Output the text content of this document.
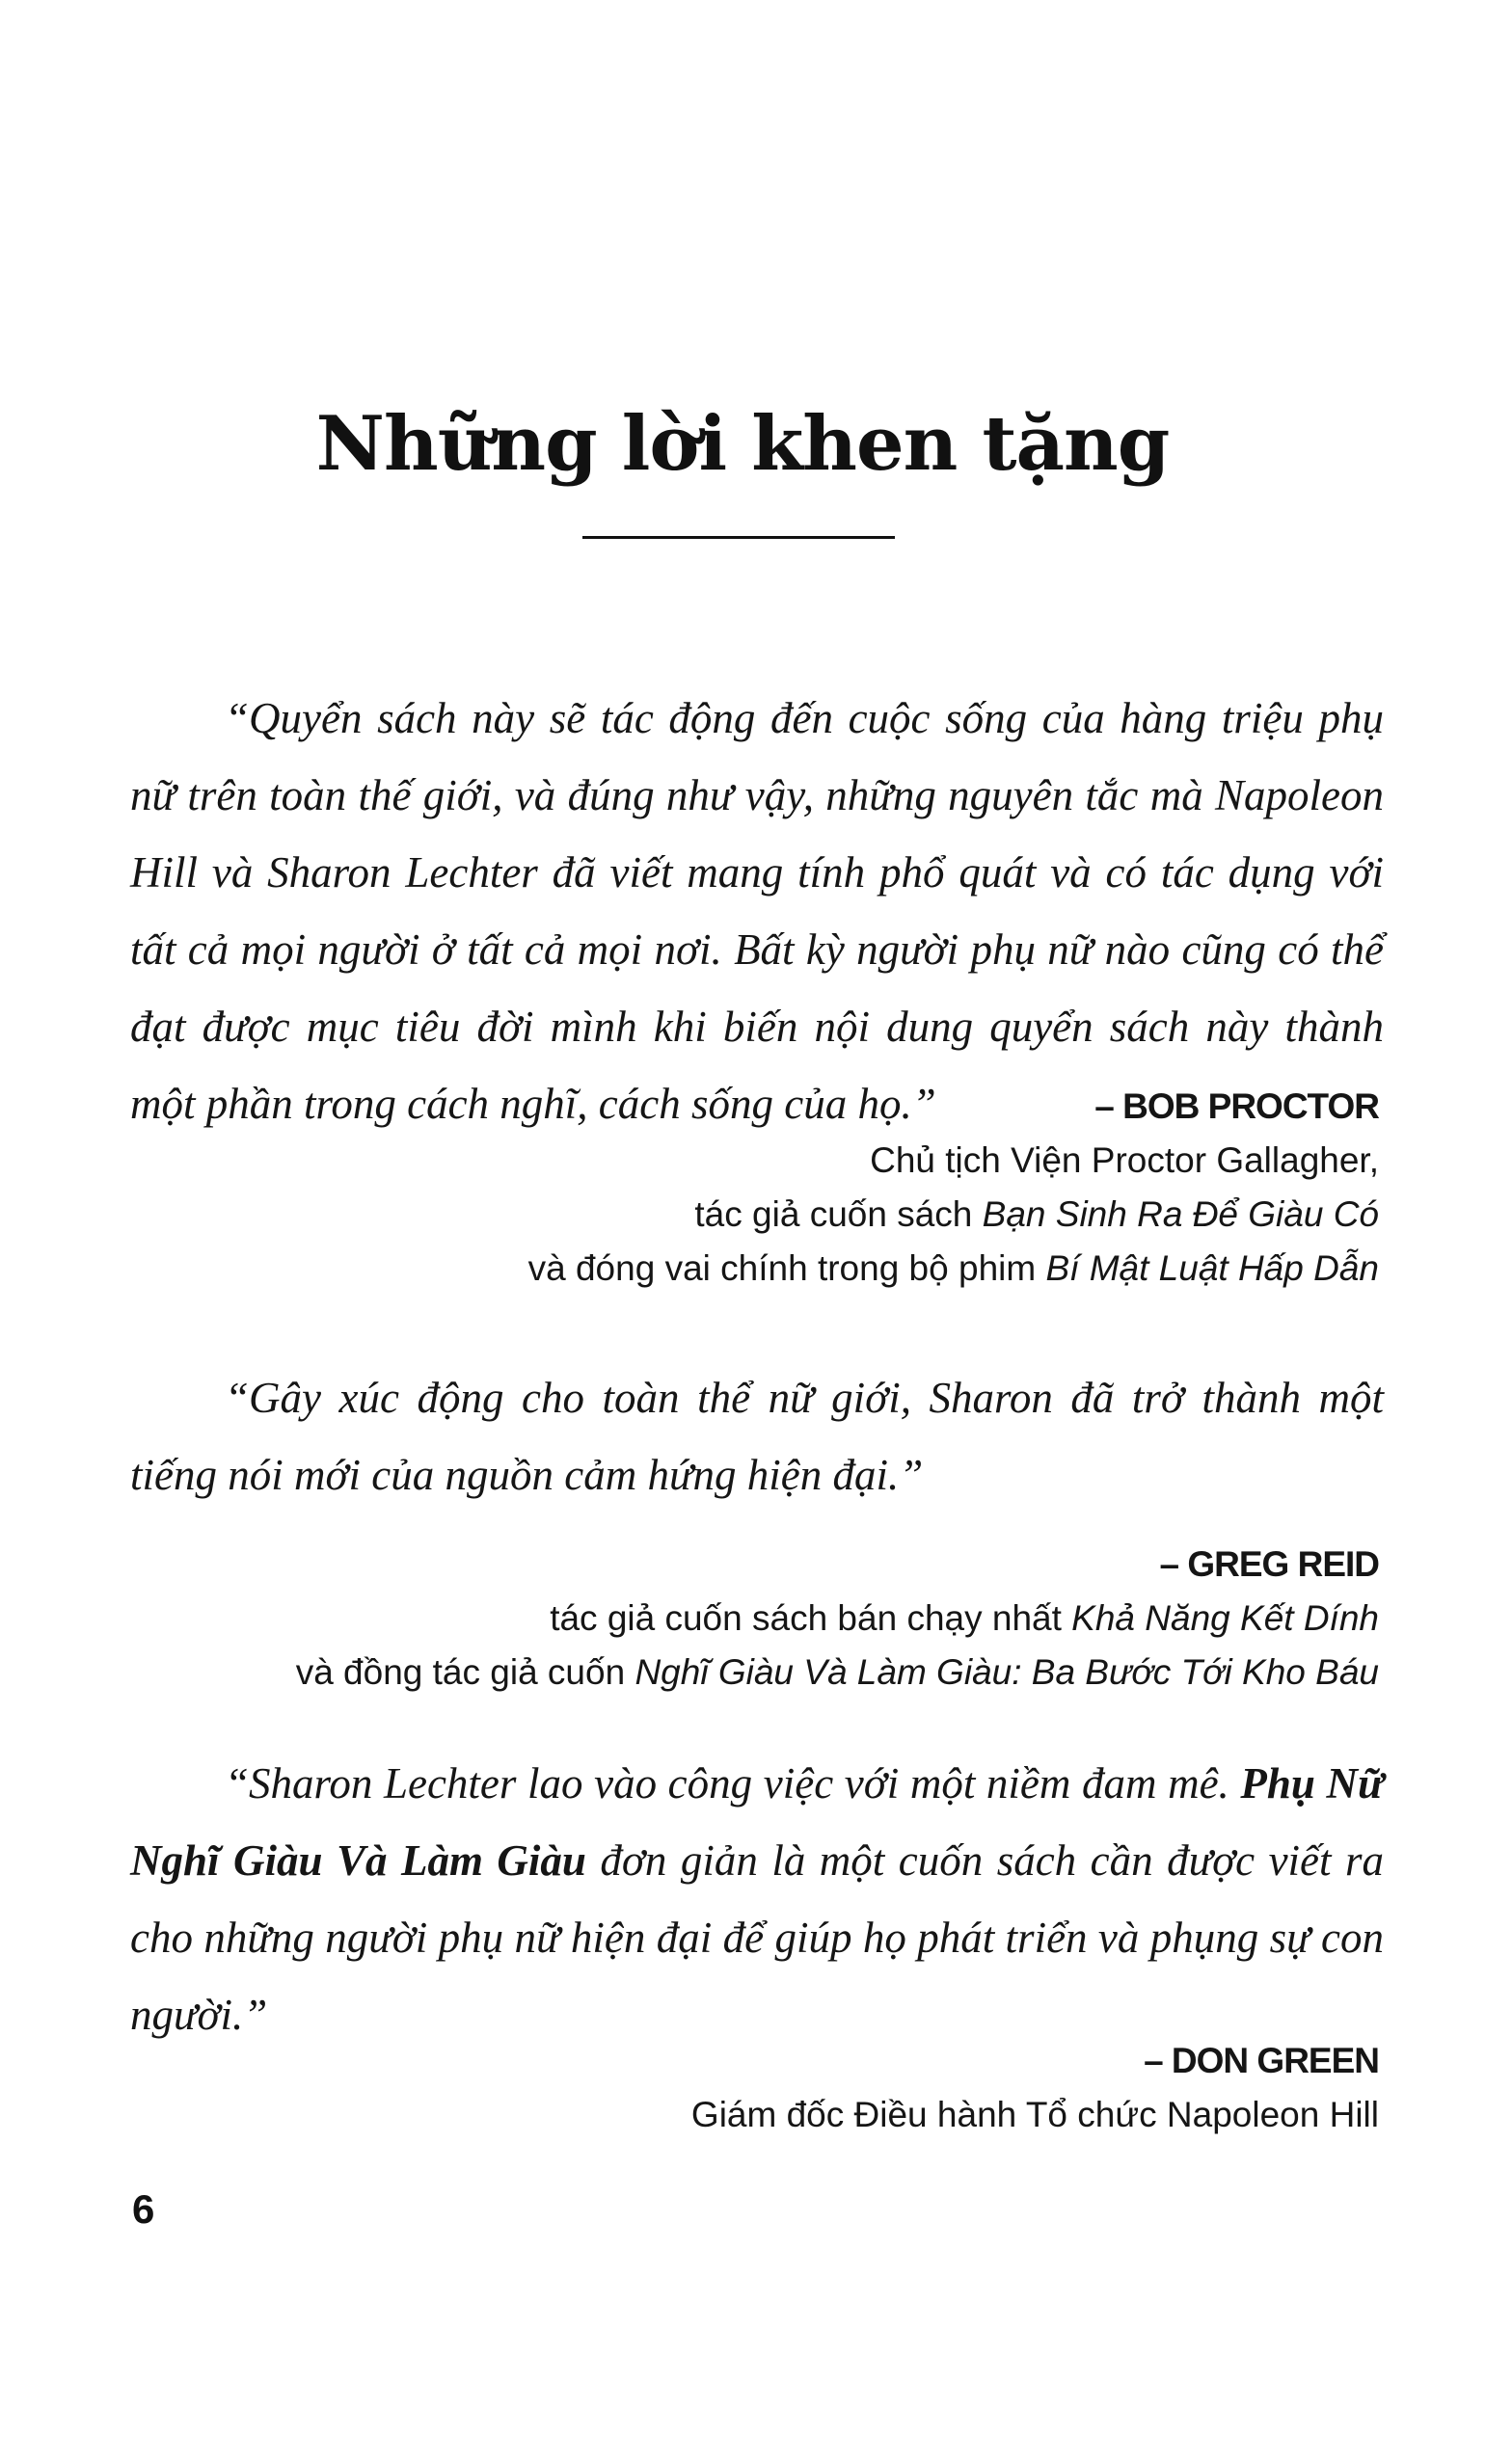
Những lời khen tặng

“Quyển sách này sẽ tác động đến cuộc sống của hàng triệu phụ nữ trên toàn thế giới, và đúng như vậy, những nguyên tắc mà Napoleon Hill và Sharon Lechter đã viết mang tính phổ quát và có tác dụng với tất cả mọi người ở tất cả mọi nơi. Bất kỳ người phụ nữ nào cũng có thể đạt được mục tiêu đời mình khi biến nội dung quyển sách này thành một phần trong cách nghĩ, cách sống của họ.”	– BOB PROCTOR
Chủ tịch Viện Proctor Gallagher,
tác giả cuốn sách Bạn Sinh Ra Để Giàu Có
và đóng vai chính trong bộ phim Bí Mật Luật Hấp Dẫn

“Gây xúc động cho toàn thể nữ giới, Sharon đã trở thành một tiếng nói mới của nguồn cảm hứng hiện đại.”

– GREG REID
tác giả cuốn sách bán chạy nhất Khả Năng Kết Dính
và đồng tác giả cuốn Nghĩ Giàu Và Làm Giàu: Ba Bước Tới Kho Báu

“Sharon Lechter lao vào công việc với một niềm đam mê. Phụ Nữ Nghĩ Giàu Và Làm Giàu đơn giản là một cuốn sách cần được viết ra cho những người phụ nữ hiện đại để giúp họ phát triển và phụng sự con người.”

– DON GREEN
Giám đốc Điều hành Tổ chức Napoleon Hill
6
